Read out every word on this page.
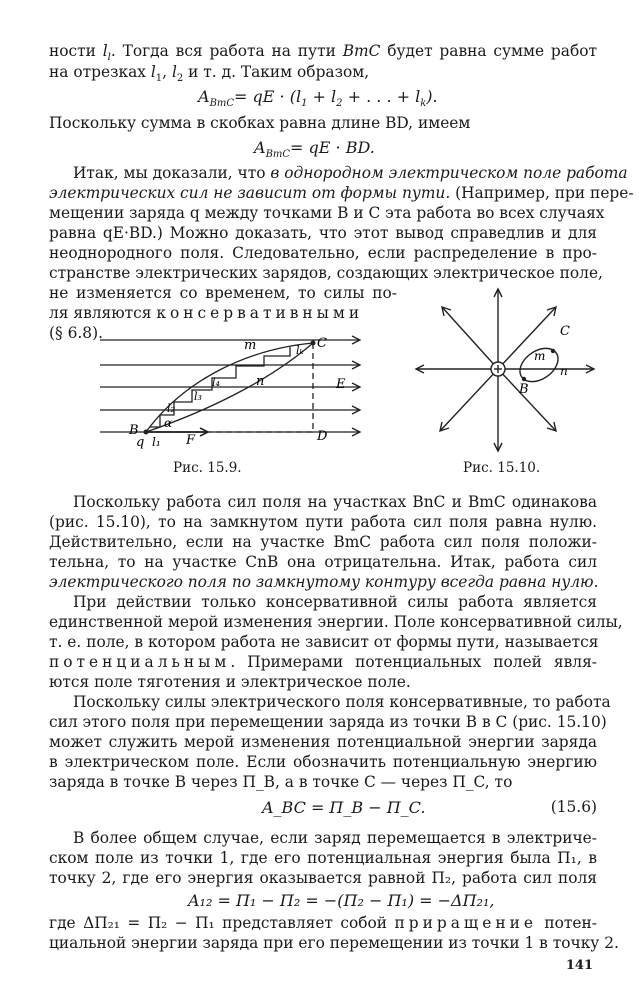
ности $l_l$. Тогда вся работа на пути BmC будет равна сумме работ
на отрезках $l_1$, $l_2$ и т. д. Таким образом,
$A_{BmC}=$ qE · ($l_1 + l_2$ + . . . + $l_k$).
Поскольку сумма в скобках равна длине BD, имеем
$A_{BmC}=$ qE · BD.
Итак, мы доказали, что в однородном электрическом поле работа
электрических сил не зависит от формы пути. (Например, при пере-
мещении заряда q между точками B и C эта работа во всех случаях
равна qE·BD.) Можно доказать, что этот вывод справедлив и для
неоднородного поля. Следовательно, если распределение в про-
странстве электрических зарядов, создающих электрическое поле,
не изменяется со временем, то силы по-
ля являются консервативными
(§ 6.8).
B
q l₁
α
F	D
C
E
m
n
l₂
l₃
l₄
lₖ
Рис. 15.9.
C
m
n
B
Рис. 15.10.
Поскольку работа сил поля на участках BnC и BmC одинакова
(рис. 15.10), то на замкнутом пути работа сил поля равна нулю.
Действительно, если на участке BmC работа сил поля положи-
тельна, то на участке CnB она отрицательна. Итак, работа сил
электрического поля по замкнутому контуру всегда равна нулю.
При действии только консервативной силы работа является
единственной мерой изменения энергии. Поле консервативной силы,
т. е. поле, в котором работа не зависит от формы пути, называется
потенциальным. Примерами потенциальных полей явля-
ются поле тяготения и электрическое поле.
Поскольку силы электрического поля консервативные, то работа
сил этого поля при перемещении заряда из точки B в C (рис. 15.10)
может служить мерой изменения потенциальной энергии заряда
в электрическом поле. Если обозначить потенциальную энергию
заряда в точке B через Π_B, а в точке C — через Π_C, то
A_BC = Π_B − Π_C.	(15.6)
В более общем случае, если заряд перемещается в электриче-
ском поле из точки 1, где его потенциальная энергия была Π₁, в
точку 2, где его энергия оказывается равной Π₂, работа сил поля
A₁₂ = Π₁ − Π₂ = −(Π₂ − Π₁) = −ΔΠ₂₁,
где ΔΠ₂₁ = Π₂ − Π₁ представляет собой приращение потен-
циальной энергии заряда при его перемещении из точки 1 в точку 2.
141
